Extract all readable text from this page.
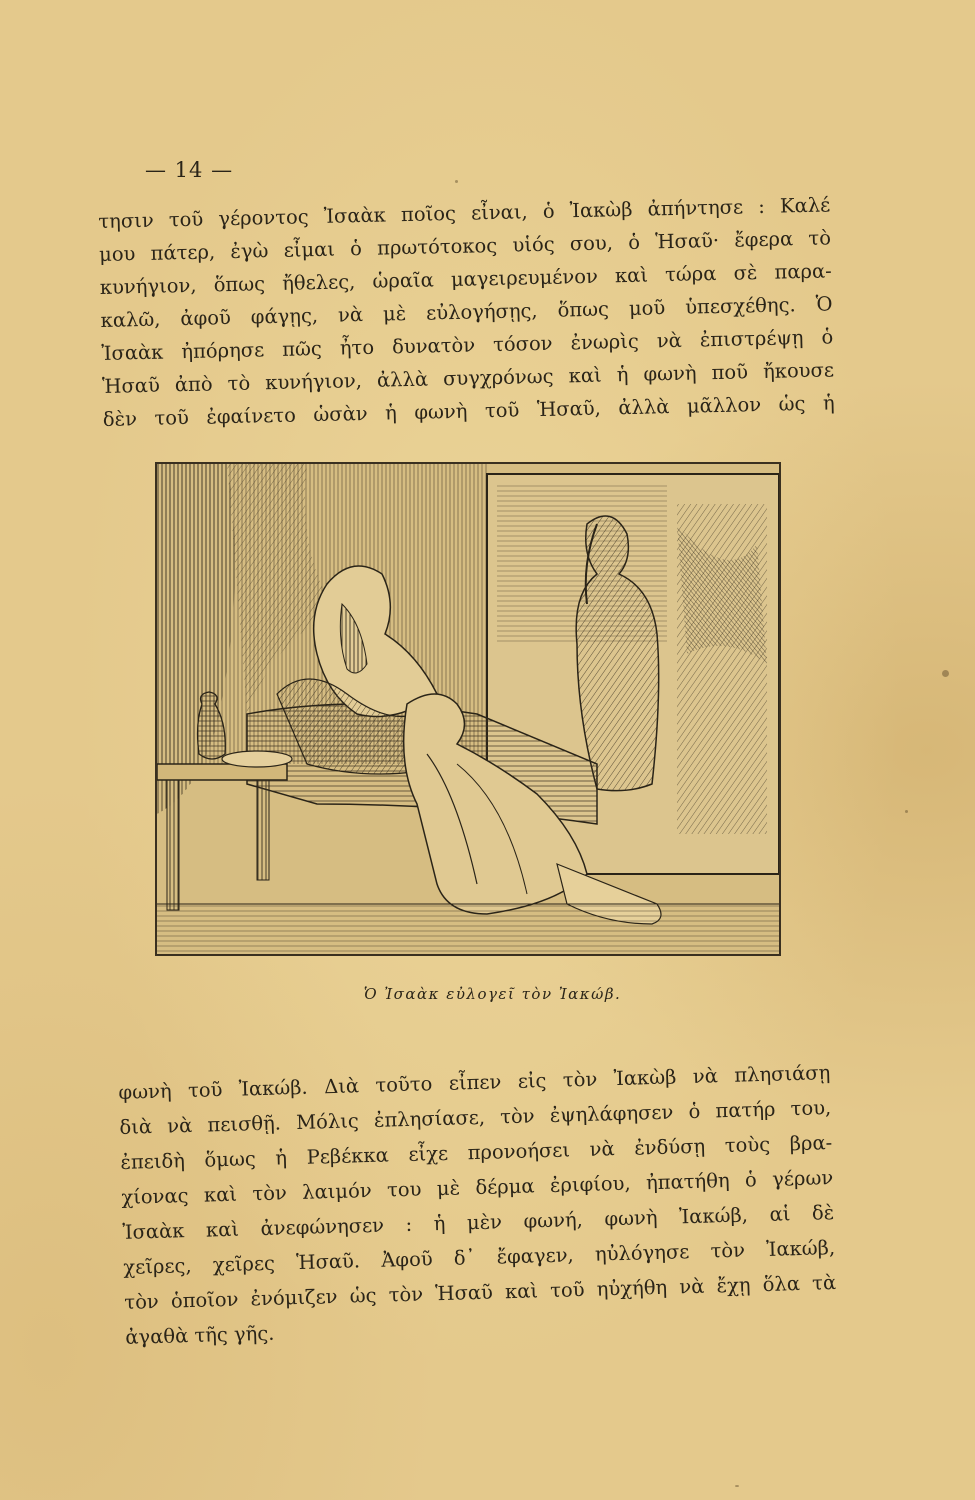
— 14 —
τησιν τοῦ γέροντος Ἰσαὰκ ποῖος εἶναι, ὁ Ἰακὼβ ἀπήντησε : Καλέ
μου πάτερ, ἐγὼ εἶμαι ὁ πρωτότοκος υἱός σου, ὁ Ἡσαῦ· ἔφερα τὸ
κυνήγιον, ὅπως ἤθελες, ὡραῖα μαγειρευμένον καὶ τώρα σὲ παρα-
καλῶ, ἀφοῦ φάγῃς, νὰ μὲ εὐλογήσῃς, ὅπως μοῦ ὑπεσχέθης. Ὁ
Ἰσαὰκ ἠπόρησε πῶς ἦτο δυνατὸν τόσον ἐνωρὶς νὰ ἐπιστρέψῃ ὁ
Ἡσαῦ ἀπὸ τὸ κυνήγιον, ἀλλὰ συγχρόνως καὶ ἡ φωνὴ ποῦ ἤκουσε
δὲν τοῦ ἐφαίνετο ὡσὰν ἡ φωνὴ τοῦ Ἡσαῦ, ἀλλὰ μᾶλλον ὡς ἡ
Ὁ Ἰσαὰκ εὐλογεῖ τὸν Ἰακώβ.
φωνὴ τοῦ Ἰακώβ. Διὰ τοῦτο εἶπεν εἰς τὸν Ἰακὼβ νὰ πλησιάσῃ
διὰ νὰ πεισθῇ. Μόλις ἐπλησίασε, τὸν ἐψηλάφησεν ὁ πατήρ του,
ἐπειδὴ ὅμως ἡ Ρεβέκκα εἶχε προνοήσει νὰ ἐνδύσῃ τοὺς βρα-
χίονας καὶ τὸν λαιμόν του μὲ δέρμα ἐριφίου, ἠπατήθη ὁ γέρων
Ἰσαὰκ καὶ ἀνεφώνησεν : ἡ μὲν φωνή, φωνὴ Ἰακώβ, αἱ δὲ
χεῖρες, χεῖρες Ἡσαῦ. Ἀφοῦ δ᾽ ἔφαγεν, ηὐλόγησε τὸν Ἰακώβ,
τὸν ὁποῖον ἐνόμιζεν ὡς τὸν Ἡσαῦ καὶ τοῦ ηὐχήθη νὰ ἔχῃ ὅλα τὰ
ἀγαθὰ τῆς γῆς.
